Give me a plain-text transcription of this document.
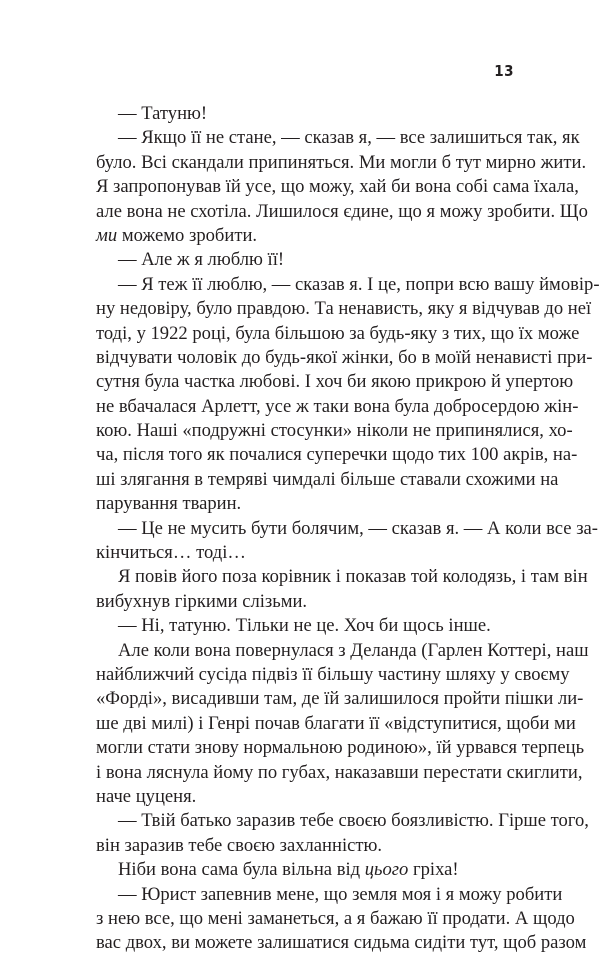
13
— Татуню!
— Якщо її не стане, — сказав я, — все залишиться так, як
було. Всі скандали припиняться. Ми могли б тут мирно жити.
Я запропонував їй усе, що можу, хай би вона собі сама їхала,
але вона не схотіла. Лишилося єдине, що я можу зробити. Що
ми можемо зробити.
— Але ж я люблю її!
— Я теж її люблю, — сказав я. І це, попри всю вашу ймовір-
ну недовіру, було правдою. Та ненависть, яку я відчував до неї
тоді, у 1922 році, була більшою за будь-яку з тих, що їх може
відчувати чоловік до будь-якої жінки, бо в моїй ненависті при-
сутня була частка любові. І хоч би якою прикрою й упертою
не вбачалася Арлетт, усе ж таки вона була добросердою жін-
кою. Наші «подружні стосунки» ніколи не припинялися, хо-
ча, після того як почалися суперечки щодо тих 100 акрів, на-
ші злягання в темряві чимдалі більше ставали схожими на
парування тварин.
— Це не мусить бути болячим, — сказав я. — А коли все за-
кінчиться… тоді…
Я повів його поза корівник і показав той колодязь, і там він
вибухнув гіркими слізьми.
— Ні, татуню. Тільки не це. Хоч би щось інше.
Але коли вона повернулася з Деланда (Гарлен Коттері, наш
найближчий сусіда підвіз її більшу частину шляху у своєму
«Форді», висадивши там, де їй залишилося пройти пішки ли-
ше дві милі) і Генрі почав благати її «відступитися, щоби ми
могли стати знову нормальною родиною», їй урвався терпець
і вона ляснула йому по губах, наказавши перестати скиглити,
наче цуценя.
— Твій батько заразив тебе своєю боязливістю. Гірше того,
він заразив тебе своєю захланністю.
Ніби вона сама була вільна від цього гріха!
— Юрист запевнив мене, що земля моя і я можу робити
з нею все, що мені заманеться, а я бажаю її продати. А щодо
вас двох, ви можете залишатися сидьма сидіти тут, щоб разом
